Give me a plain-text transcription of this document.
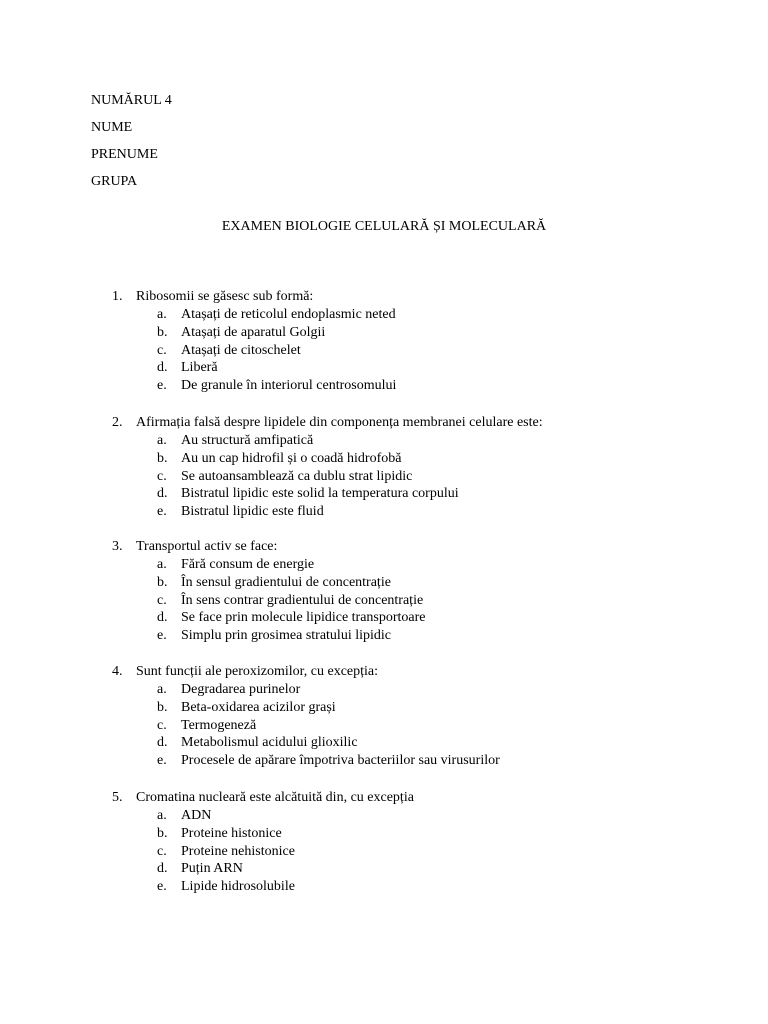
NUMĂRUL 4
NUME
PRENUME
GRUPA
EXAMEN BIOLOGIE CELULARĂ ȘI MOLECULARĂ
1. Ribosomii se găsesc sub formă:
a. Atașați de reticolul endoplasmic neted
b. Atașați de aparatul Golgii
c. Atașați de citoschelet
d. Liberă
e. De granule în interiorul centrosomului
2. Afirmația falsă despre lipidele din componența membranei celulare este:
a. Au structură amfipatică
b. Au un cap hidrofil și o coadă hidrofobă
c. Se autoansamblează ca dublu strat lipidic
d. Bistratul lipidic este solid la temperatura corpului
e. Bistratul lipidic este fluid
3. Transportul activ se face:
a. Fără consum de energie
b. În sensul gradientului de concentrație
c. În sens contrar gradientului de concentrație
d. Se face prin molecule lipidice transportoare
e. Simplu prin grosimea stratului lipidic
4. Sunt funcții ale peroxizomilor, cu excepția:
a. Degradarea purinelor
b. Beta-oxidarea acizilor grași
c. Termogeneză
d. Metabolismul acidului glioxilic
e. Procesele de apărare împotriva bacteriilor sau virusurilor
5. Cromatina nucleară este alcătuită din, cu excepția
a. ADN
b. Proteine histonice
c. Proteine nehistonice
d. Puțin ARN
e. Lipide hidrosolubile
